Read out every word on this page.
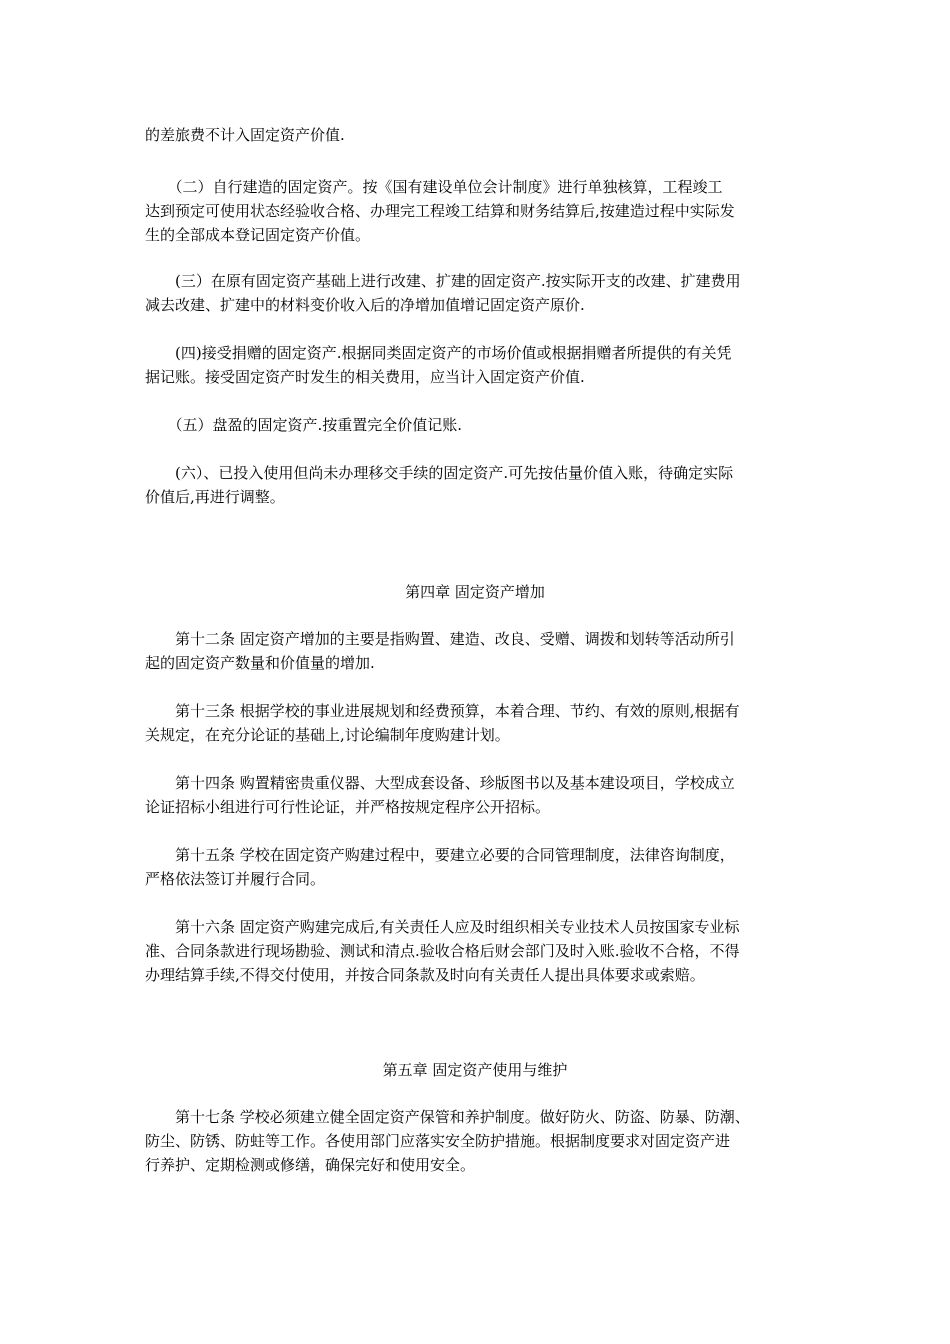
的差旅费不计入固定资产价值.

　　（二）自行建造的固定资产。按《国有建设单位会计制度》进行单独核算，工程竣工
达到预定可使用状态经验收合格、办理完工程竣工结算和财务结算后,按建造过程中实际发
生的全部成本登记固定资产价值。

　　(三）在原有固定资产基础上进行改建、扩建的固定资产.按实际开支的改建、扩建费用
减去改建、扩建中的材料变价收入后的净增加值增记固定资产原价.

　　(四)接受捐赠的固定资产.根据同类固定资产的市场价值或根据捐赠者所提供的有关凭
据记账。接受固定资产时发生的相关费用，应当计入固定资产价值.

　　（五）盘盈的固定资产.按重置完全价值记账.

　　(六）、已投入使用但尚未办理移交手续的固定资产.可先按估量价值入账，待确定实际
价值后,再进行调整。

第四章 固定资产增加

　　第十二条 固定资产增加的主要是指购置、建造、改良、受赠、调拨和划转等活动所引
起的固定资产数量和价值量的增加.

　　第十三条 根据学校的事业进展规划和经费预算，本着合理、节约、有效的原则,根据有
关规定，在充分论证的基础上,讨论编制年度购建计划。

　　第十四条 购置精密贵重仪器、大型成套设备、珍版图书以及基本建设项目，学校成立
论证招标小组进行可行性论证，并严格按规定程序公开招标。

　　第十五条 学校在固定资产购建过程中，要建立必要的合同管理制度，法律咨询制度，
严格依法签订并履行合同。

　　第十六条 固定资产购建完成后,有关责任人应及时组织相关专业技术人员按国家专业标
准、合同条款进行现场勘验、测试和清点.验收合格后财会部门及时入账.验收不合格，不得
办理结算手续,不得交付使用，并按合同条款及时向有关责任人提出具体要求或索赔。

第五章 固定资产使用与维护

　　第十七条 学校必须建立健全固定资产保管和养护制度。做好防火、防盗、防暴、防潮、
防尘、防锈、防蛀等工作。各使用部门应落实安全防护措施。根据制度要求对固定资产进
行养护、定期检测或修缮，确保完好和使用安全。
